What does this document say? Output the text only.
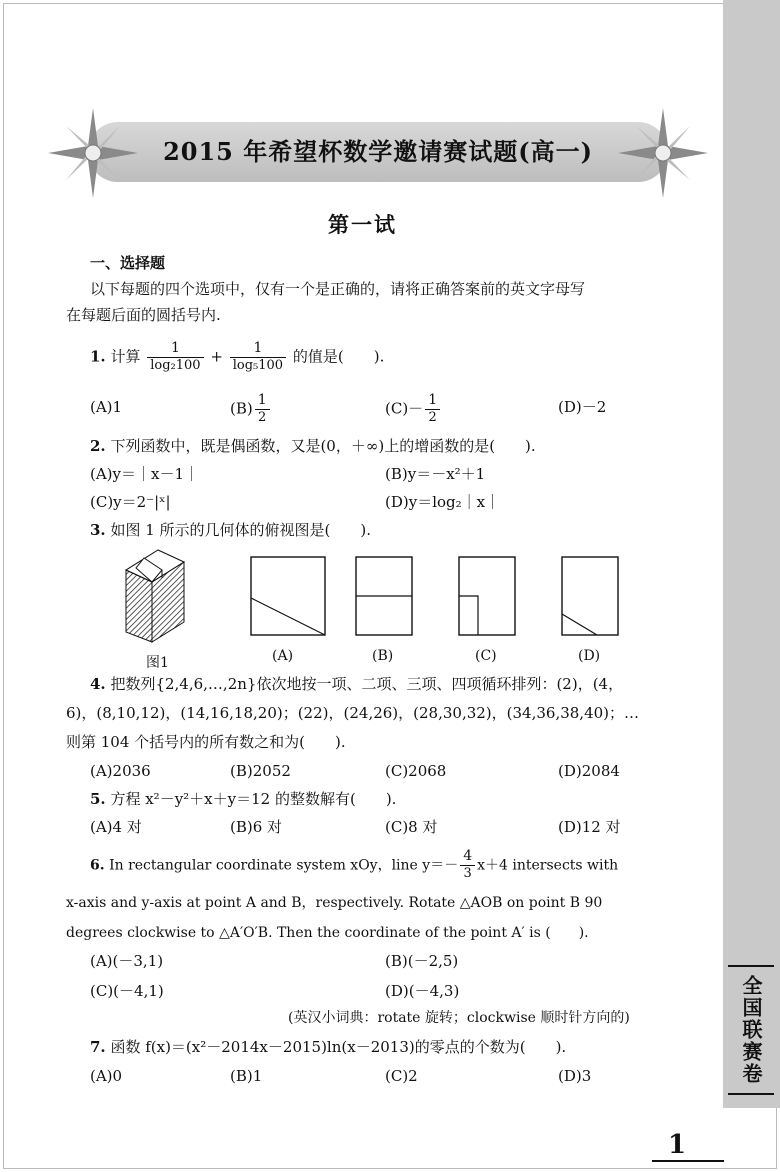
全国联赛卷
2015 年希望杯数学邀请赛试题(高一)
第一试
一、选择题
以下每题的四个选项中，仅有一个是正确的，请将正确答案前的英文字母写
在每题后面的圆括号内.
1. 计算 $\frac{1}{\text{log₂100}} + \frac{1}{\text{log₅100}}$ 的值是(　　).
(A)1	$(B) \frac{1}{2}$	$(C)- \frac{1}{2}$	(D)－2
2. 下列函数中，既是偶函数，又是(0，＋∞)上的增函数的是(　　).
(A)y＝｜x－1｜	(B)y＝－x²＋1
(C)y＝2⁻|ˣ|	(D)y＝log₂｜x｜
3. 如图 1 所示的几何体的俯视图是(　　).
图1	(A)	(B)	(C)	(D)
4. 把数列{2,4,6,…,2n}依次地按一项、二项、三项、四项循环排列：(2)，(4，
6)，(8,10,12)，(14,16,18,20)；(22)，(24,26)，(28,30,32)，(34,36,38,40)；…
则第 104 个括号内的所有数之和为(　　).
(A)2036	(B)2052	(C)2068	(D)2084
5. 方程 x²－y²＋x＋y＝12 的整数解有(　　).
(A)4 对	(B)6 对	(C)8 对	(D)12 对
6. In rectangular coordinate system xOy，line $y=- \frac{4}{3} x+4$ intersects with
x-axis and y-axis at point A and B，respectively. Rotate △AOB on point B 90
degrees clockwise to △A′O′B. Then the coordinate of the point A′ is (　　).
(A)(－3,1)	(B)(－2,5)
(C)(－4,1)	(D)(－4,3)
(英汉小词典：rotate 旋转；clockwise 顺时针方向的)
7. 函数 f(x)＝(x²－2014x－2015)ln(x－2013)的零点的个数为(　　).
(A)0	(B)1	(C)2	(D)3
1
